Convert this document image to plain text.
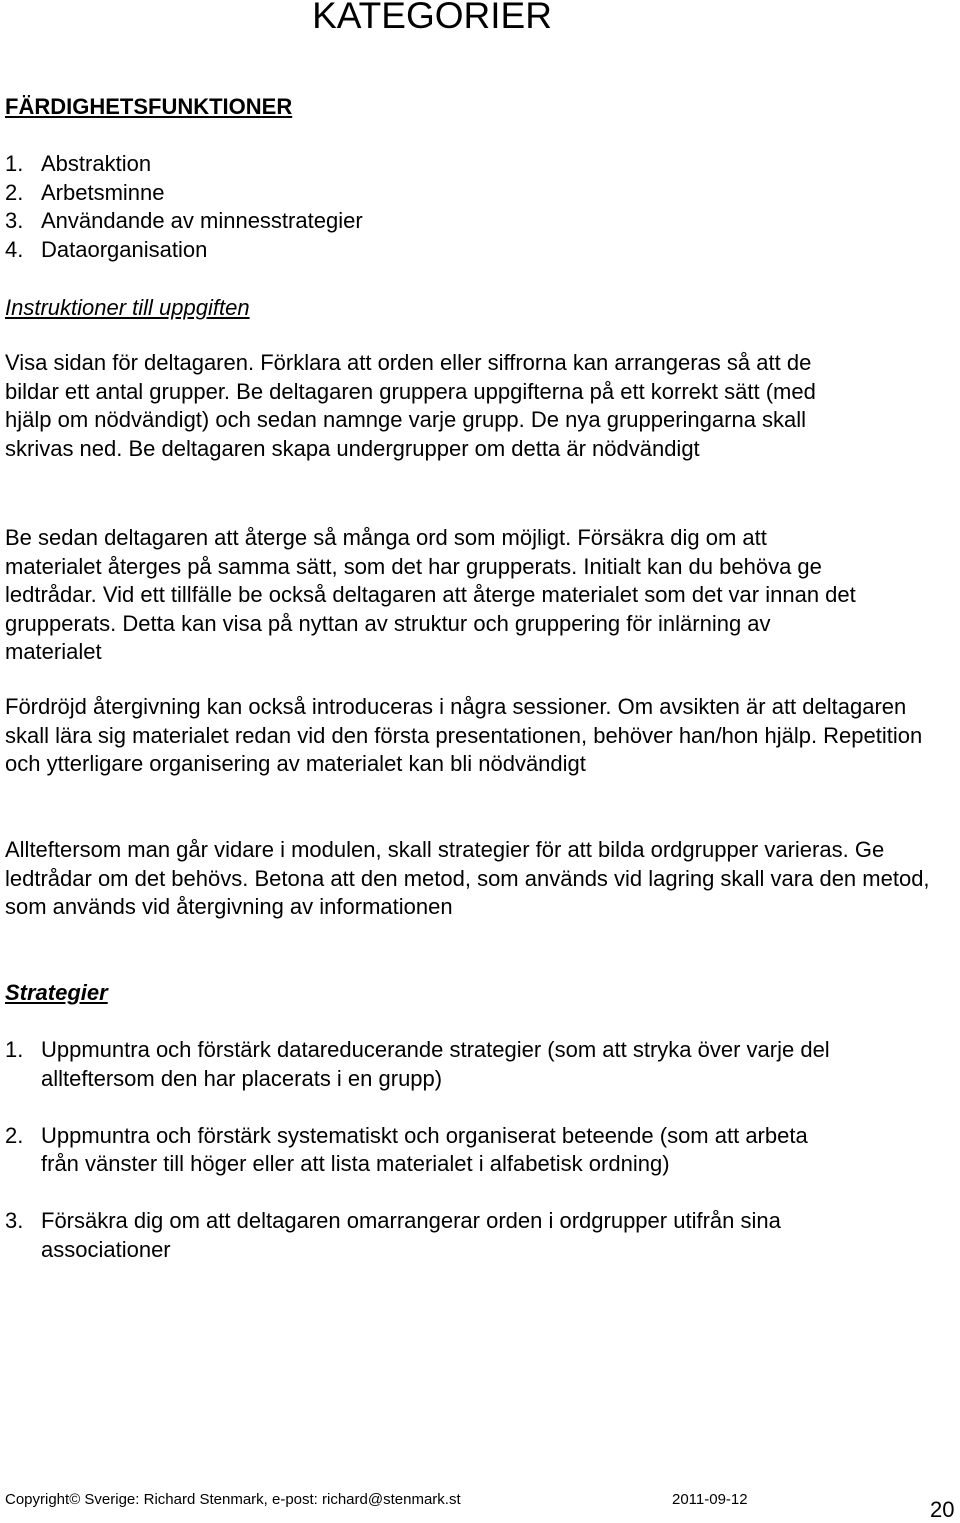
KATEGORIER
FÄRDIGHETSFUNKTIONER
1. Abstraktion
2. Arbetsminne
3. Användande av minnesstrategier
4. Dataorganisation
Instruktioner till uppgiften

Visa sidan för deltagaren. Förklara att orden eller siffrorna kan arrangeras så att de bildar ett antal grupper. Be deltagaren gruppera uppgifterna på ett korrekt sätt (med hjälp om nödvändigt) och sedan namnge varje grupp. De nya grupperingarna skall skrivas ned. Be deltagaren skapa undergrupper om detta är nödvändigt

Be sedan deltagaren att återge så många ord som möjligt. Försäkra dig om att materialet återges på samma sätt, som det har grupperats. Initialt kan du behöva ge ledtrådar. Vid ett tillfälle be också deltagaren att återge materialet som det var innan det grupperats. Detta kan visa på nyttan av struktur och gruppering för inlärning av materialet

Fördröjd återgivning kan också introduceras i några sessioner. Om avsikten är att deltagaren skall lära sig materialet redan vid den första presentationen, behöver han/hon hjälp. Repetition och ytterligare organisering av materialet kan bli nödvändigt

Allteftersom man går vidare i modulen, skall strategier för att bilda ordgrupper varieras. Ge ledtrådar om det behövs. Betona att den metod, som används vid lagring skall vara den metod, som används vid återgivning av informationen

Strategier
1. Uppmuntra och förstärk datareducerande strategier (som att stryka över varje del allteftersom den har placerats i en grupp)
2. Uppmuntra och förstärk systematiskt och organiserat beteende (som att arbeta från vänster till höger eller att lista materialet i alfabetisk ordning)
3. Försäkra dig om att deltagaren omarrangerar orden i ordgrupper utifrån sina associationer
Copyright© Sverige: Richard Stenmark, e-post: richard@stenmark.st	2011-09-12	20
